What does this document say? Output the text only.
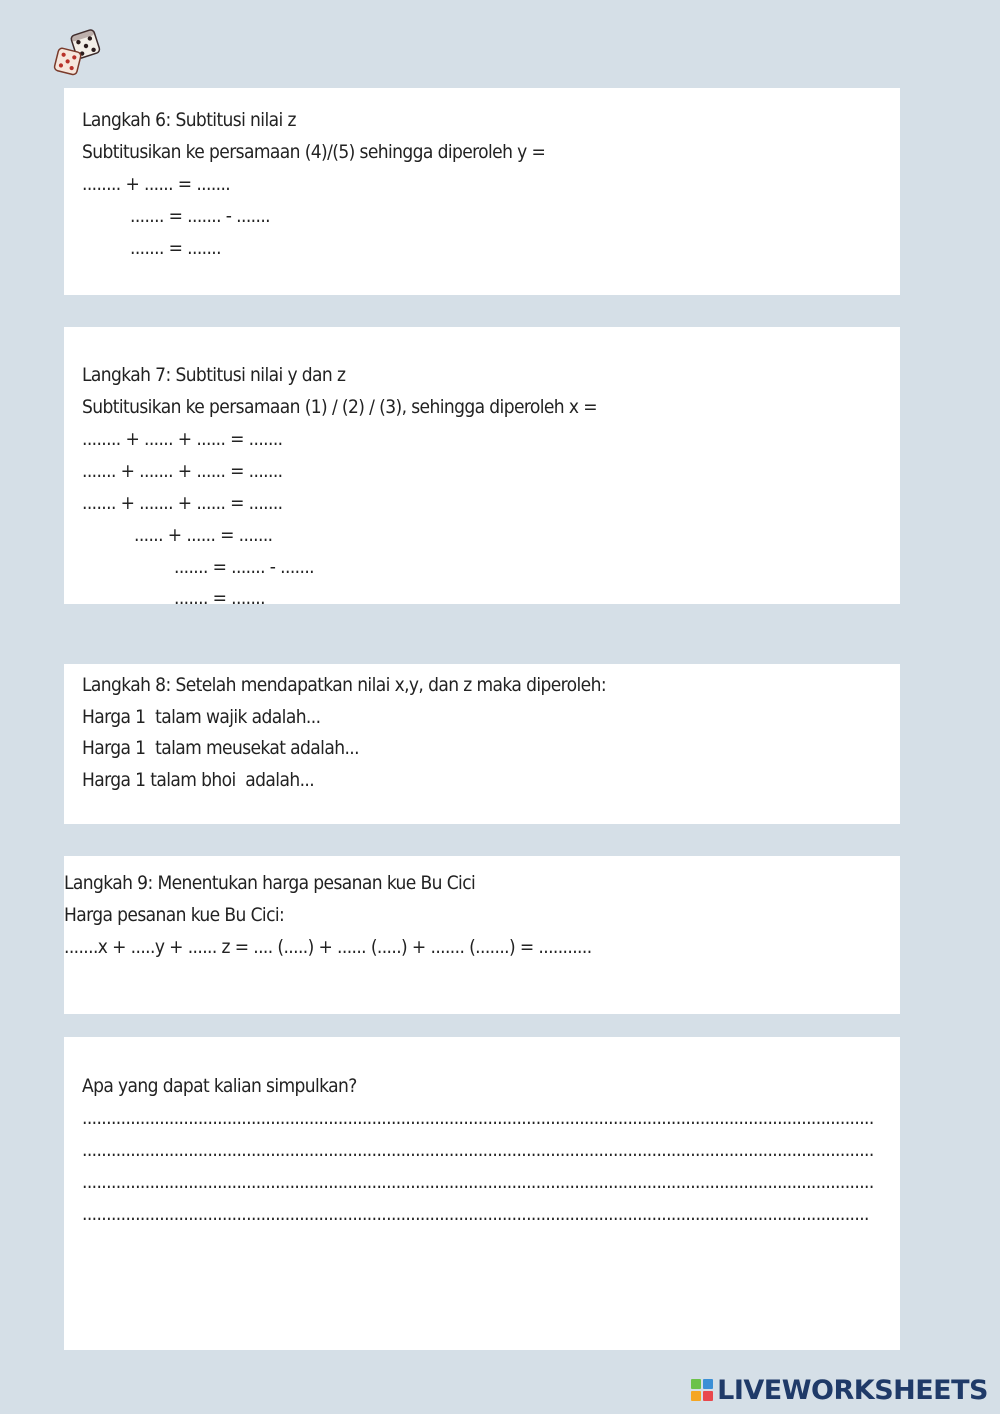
Langkah 6: Subtitusi nilai z
Subtitusikan ke persamaan (4)/(5) sehingga diperoleh y =
........ + ...... = .......
....... = ....... - .......
....... = .......
Langkah 7: Subtitusi nilai y dan z
Subtitusikan ke persamaan (1) / (2) / (3), sehingga diperoleh x =
........ + ...... + ...... = .......
....... + ....... + ...... = .......
....... + ....... + ...... = .......
...... + ...... = .......
....... = ....... - .......
....... = .......
Langkah 8: Setelah mendapatkan nilai x,y, dan z maka diperoleh:
Harga 1  talam wajik adalah...
Harga 1  talam meusekat adalah...
Harga 1 talam bhoi  adalah...
Langkah 9: Menentukan harga pesanan kue Bu Cici
Harga pesanan kue Bu Cici:
.......x + .....y + ...... z = .... (.....) + ...... (.....) + ....... (.......) = ...........
Apa yang dapat kalian simpulkan?
....................................................................................................................................................................
....................................................................................................................................................................
....................................................................................................................................................................
...................................................................................................................................................................
LIVEWORKSHEETS
